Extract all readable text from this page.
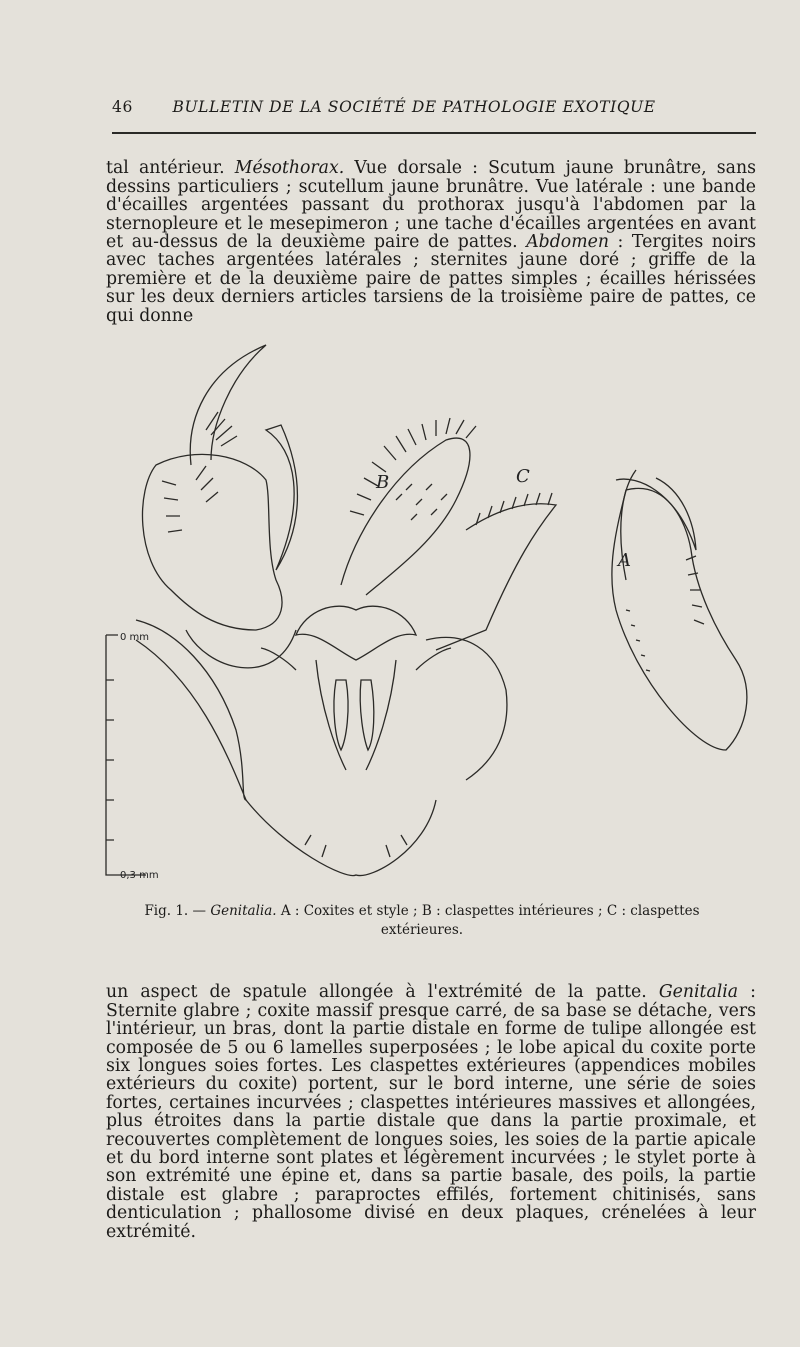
46	BULLETIN DE LA SOCIÉTÉ DE PATHOLOGIE EXOTIQUE

tal antérieur. Mésothorax. Vue dorsale : Scutum jaune brunâtre, sans dessins particuliers ; scutellum jaune brunâtre. Vue latérale : une bande d'écailles argentées passant du prothorax jusqu'à l'abdomen par la sternopleure et le mesepimeron ; une tache d'écailles argentées en avant et au-dessus de la deuxième paire de pattes. Abdomen : Tergites noirs avec taches argentées latérales ; sternites jaune doré ; griffe de la première et de la deuxième paire de pattes simples ; écailles hérissées sur les deux derniers articles tarsiens de la troisième paire de pattes, ce qui donne

B	C
A
0 mm
0,3 mm
Fig. 1. — Genitalia. A : Coxites et style ; B : claspettes intérieures ; C : claspettes extérieures.

un aspect de spatule allongée à l'extrémité de la patte. Genitalia : Sternite glabre ; coxite massif presque carré, de sa base se détache, vers l'intérieur, un bras, dont la partie distale en forme de tulipe allongée est composée de 5 ou 6 lamelles superposées ; le lobe apical du coxite porte six longues soies fortes. Les claspettes extérieures (appendices mobiles extérieurs du coxite) portent, sur le bord interne, une série de soies fortes, certaines incurvées ; claspettes intérieures massives et allongées, plus étroites dans la partie distale que dans la partie proximale, et recouvertes complètement de longues soies, les soies de la partie apicale et du bord interne sont plates et légèrement incurvées ; le stylet porte à son extrémité une épine et, dans sa partie basale, des poils, la partie distale est glabre ; paraproctes effilés, fortement chitinisés, sans denticulation ; phallosome divisé en deux plaques, crénelées à leur extrémité.
